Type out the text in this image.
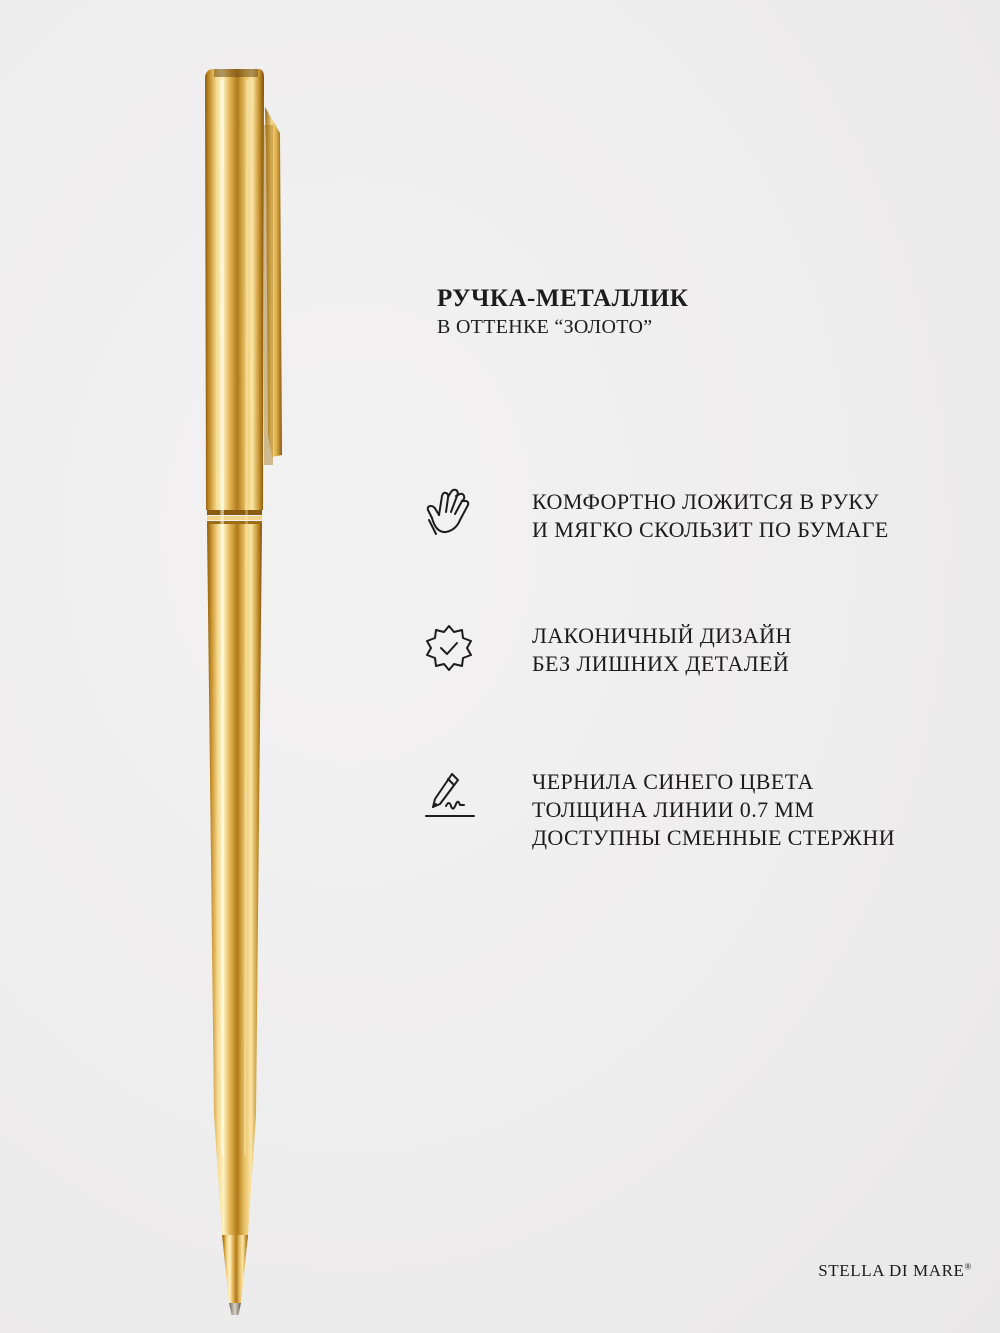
РУЧКА-МЕТАЛЛИК

В ОТТЕНКЕ “ЗОЛОТО”

КОМФОРТНО ЛОЖИТСЯ В РУКУ
И МЯГКО СКОЛЬЗИТ ПО БУМАГЕ
ЛАКОНИЧНЫЙ ДИЗАЙН
БЕЗ ЛИШНИХ ДЕТАЛЕЙ
ЧЕРНИЛА СИНЕГО ЦВЕТА
ТОЛЩИНА ЛИНИИ 0.7 ММ
ДОСТУПНЫ СМЕННЫЕ СТЕРЖНИ
STELLA DI MARE®
